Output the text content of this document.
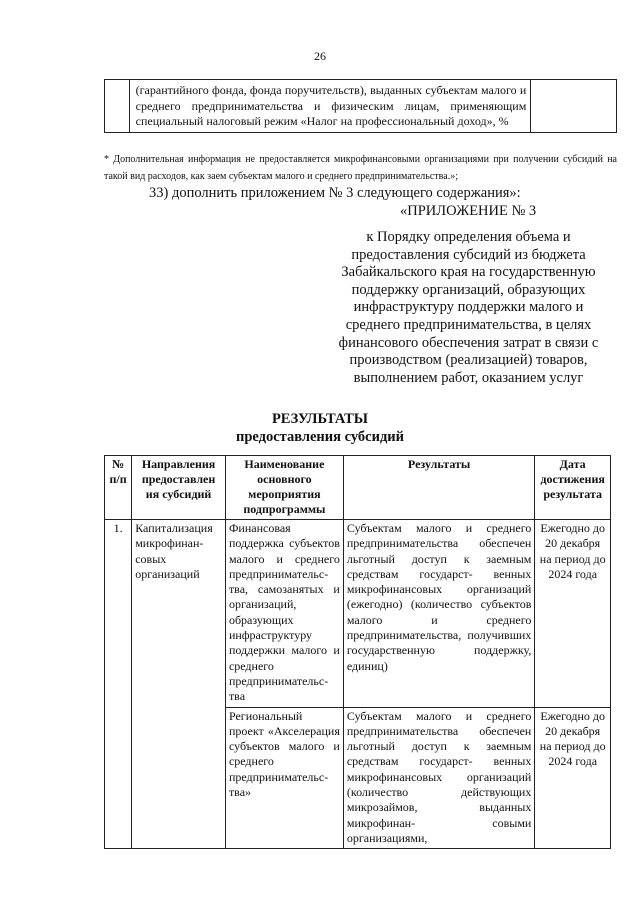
26
	(гарантийного фонда, фонда поручительств), выданных субъектам малого и среднего предпринимательства и физическим лицам, применяющим специальный налоговый режим «Налог на профессиональный доход», %	
* Дополнительная информация не предоставляется микрофинансовыми организациями при получении субсидий на такой вид расходов, как заем субъектам малого и среднего предпринимательства.»;
33) дополнить приложением № 3 следующего содержания»:
«ПРИЛОЖЕНИЕ № 3
к Порядку определения объема и предоставления субсидий из бюджета Забайкальского края на государственную поддержку организаций, образующих инфраструктуру поддержки малого и среднего предпринимательства, в целях финансового обеспечения затрат в связи с производством (реализацией) товаров, выполнением работ, оказанием услуг
РЕЗУЛЬТАТЫ
предоставления субсидий
№ п/п	Направления предоставлен ия субсидий	Наименование основного мероприятия подпрограммы	Результаты	Дата достижения результата
1.	Капитализация микрофинан- совых организаций	Финансовая поддержка субъектов малого и среднего предпринимательс- тва, самозанятых и организаций, образующих инфраструктуру поддержки малого и среднего предпринимательс- тва	Субъектам малого и среднего предпринимательства обеспечен льготный доступ к заемным средствам государст- венных микрофинансовых организаций (ежегодно) (количество субъектов малого и среднего предпринимательства, получивших государственную поддержку, единиц)	Ежегодно до 20 декабря на период до 2024 года
		Региональный проект «Акселерация субъектов малого и среднего предпринимательс- тва»	Субъектам малого и среднего предпринимательства обеспечен льготный доступ к заемным средствам государст- венных микрофинансовых организаций (количество действующих микрозаймов, выданных микрофинан- совыми организациями,	Ежегодно до 20 декабря на период до 2024 года
